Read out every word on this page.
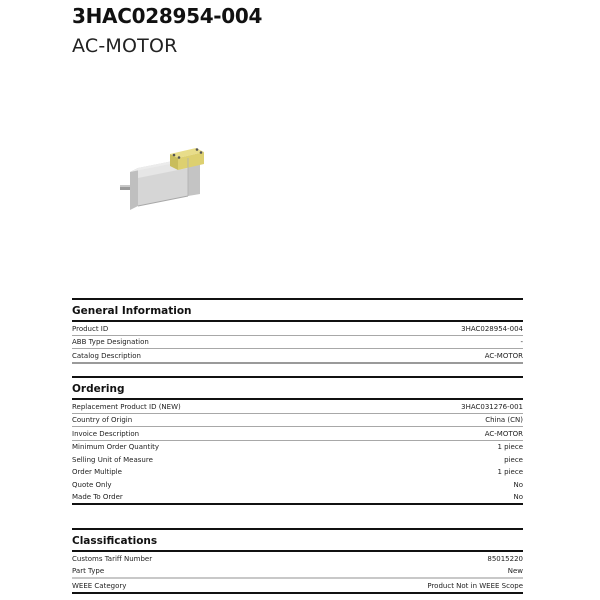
3HAC028954-004
AC-MOTOR
General Information
Product ID	3HAC028954-004
ABB Type Designation	-
Catalog Description	AC-MOTOR
Ordering
Replacement Product ID (NEW)	3HAC031276-001
Country of Origin	China (CN)
Invoice Description	AC-MOTOR
Minimum Order Quantity	1 piece
Selling Unit of Measure	piece
Order Multiple	1 piece
Quote Only	No
Made To Order	No
Classifications
Customs Tariff Number	85015220
Part Type	New
WEEE Category	Product Not in WEEE Scope
